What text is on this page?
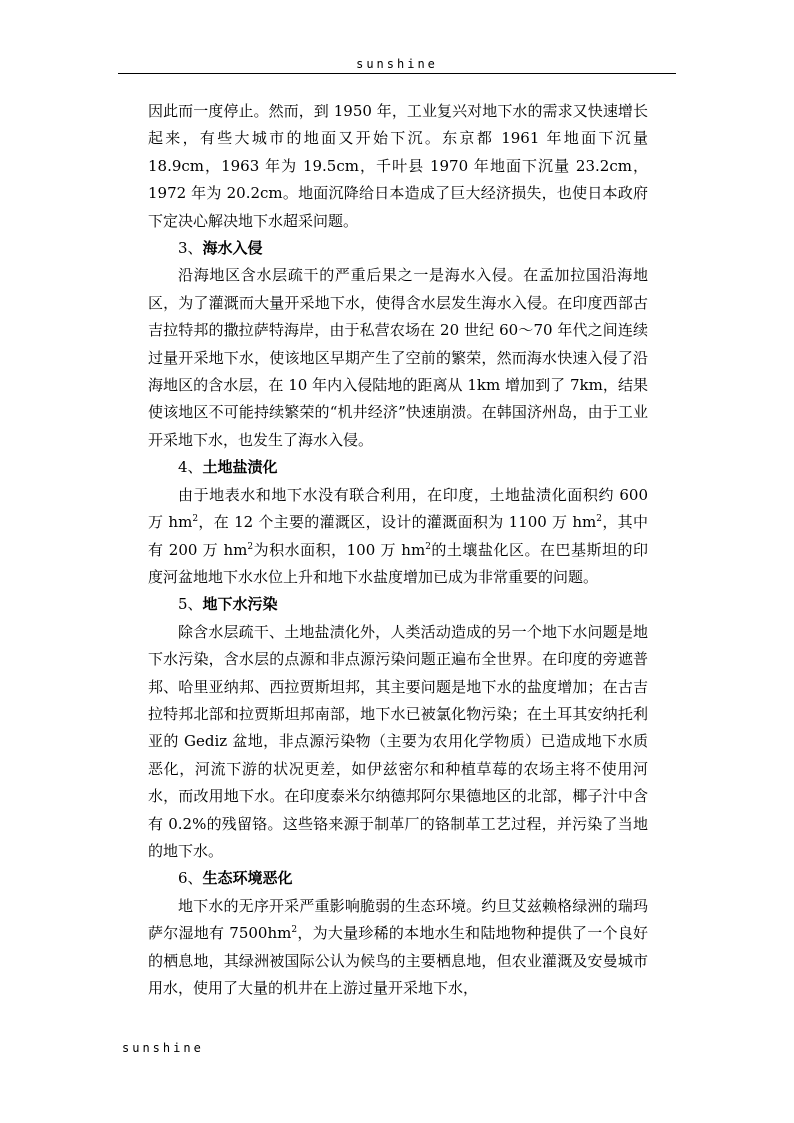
sunshine

因此而一度停止。然而，到 1950 年，工业复兴对地下水的需求又快速增长起来，有些大城市的地面又开始下沉。东京都 1961 年地面下沉量 18.9cm，1963 年为 19.5cm，千叶县 1970 年地面下沉量 23.2cm，1972 年为 20.2cm。地面沉降给日本造成了巨大经济损失，也使日本政府下定决心解决地下水超采问题。

3、海水入侵

沿海地区含水层疏干的严重后果之一是海水入侵。在孟加拉国沿海地区，为了灌溉而大量开采地下水，使得含水层发生海水入侵。在印度西部古吉拉特邦的撒拉萨特海岸，由于私营农场在 20 世纪 60～70 年代之间连续过量开采地下水，使该地区早期产生了空前的繁荣，然而海水快速入侵了沿海地区的含水层，在 10 年内入侵陆地的距离从 1km 增加到了 7km，结果使该地区不可能持续繁荣的“机井经济”快速崩溃。在韩国济州岛，由于工业开采地下水，也发生了海水入侵。

4、土地盐渍化

由于地表水和地下水没有联合利用，在印度，土地盐渍化面积约 600 万 $hm^2$，在 12 个主要的灌溉区，设计的灌溉面积为 1100 万 $hm^2$，其中有 200 万 $hm^2$为积水面积，100 万 $hm^2$的土壤盐化区。在巴基斯坦的印度河盆地地下水水位上升和地下水盐度增加已成为非常重要的问题。

5、地下水污染

除含水层疏干、土地盐渍化外，人类活动造成的另一个地下水问题是地下水污染，含水层的点源和非点源污染问题正遍布全世界。在印度的旁遮普邦、哈里亚纳邦、西拉贾斯坦邦，其主要问题是地下水的盐度增加；在古吉拉特邦北部和拉贾斯坦邦南部，地下水已被氯化物污染；在土耳其安纳托利亚的 Gediz 盆地，非点源污染物（主要为农用化学物质）已造成地下水质恶化，河流下游的状况更差，如伊兹密尔和种植草莓的农场主将不使用河水，而改用地下水。在印度泰米尔纳德邦阿尔果德地区的北部，椰子汁中含有 0.2%的残留铬。这些铬来源于制革厂的铬制革工艺过程，并污染了当地的地下水。

6、生态环境恶化

地下水的无序开采严重影响脆弱的生态环境。约旦艾兹赖格绿洲的瑞玛萨尔湿地有 $7500hm^2$，为大量珍稀的本地水生和陆地物种提供了一个良好的栖息地，其绿洲被国际公认为候鸟的主要栖息地，但农业灌溉及安曼城市用水，使用了大量的机井在上游过量开采地下水，

sunshine
